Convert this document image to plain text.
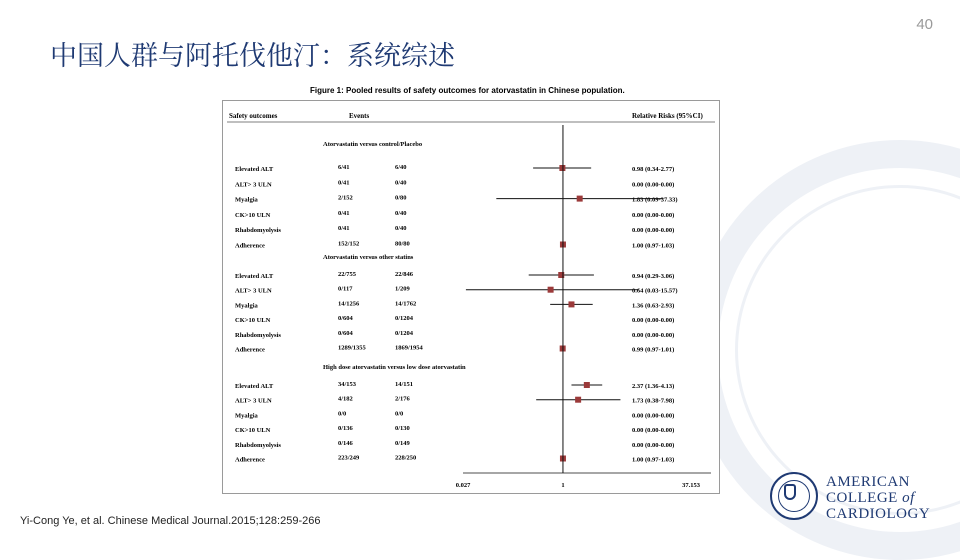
40
中国人群与阿托伐他汀：系统综述
Figure 1: Pooled results of safety outcomes for atorvastatin in Chinese population.
Safety outcomes	Events	Relative Risks (95%CI)
Atorvastatin versus control/Placebo
Elevated ALT	6/41	6/40	0.98 (0.34-2.77)
ALT> 3 ULN	0/41	0/40	0.00 (0.00-0.00)
Myalgia	2/152	0/80	1.83 (0.09-37.33)
CK>10 ULN	0/41	0/40	0.00 (0.00-0.00)
Rhabdomyolysis	0/41	0/40	0.00 (0.00-0.00)
Adherence	152/152	80/80	1.00 (0.97-1.03)
Atorvastatin versus other statins
Elevated ALT	22/755	22/846	0.94 (0.29-3.06)
ALT> 3 ULN	0/117	1/209	0.64 (0.03-15.57)
Myalgia	14/1256	14/1762	1.36 (0.63-2.93)
CK>10 ULN	0/604	0/1204	0.00 (0.00-0.00)
Rhabdomyolysis	0/604	0/1204	0.00 (0.00-0.00)
Adherence	1289/1355	1869/1954	0.99 (0.97-1.01)
High dose atorvastatin versus low dose atorvastatin
Elevated ALT	34/153	14/151	2.37 (1.36-4.13)
ALT> 3 ULN	4/182	2/176	1.73 (0.38-7.98)
Myalgia	0/0	0/0	0.00 (0.00-0.00)
CK>10 ULN	0/136	0/130	0.00 (0.00-0.00)
Rhabdomyolysis	0/146	0/149	0.00 (0.00-0.00)
Adherence	223/249	228/250	1.00 (0.97-1.03)
0.027	1	37.153
Yi-Cong Ye, et al. Chinese Medical Journal.2015;128:259-266
AMERICAN
COLLEGE of
CARDIOLOGY
